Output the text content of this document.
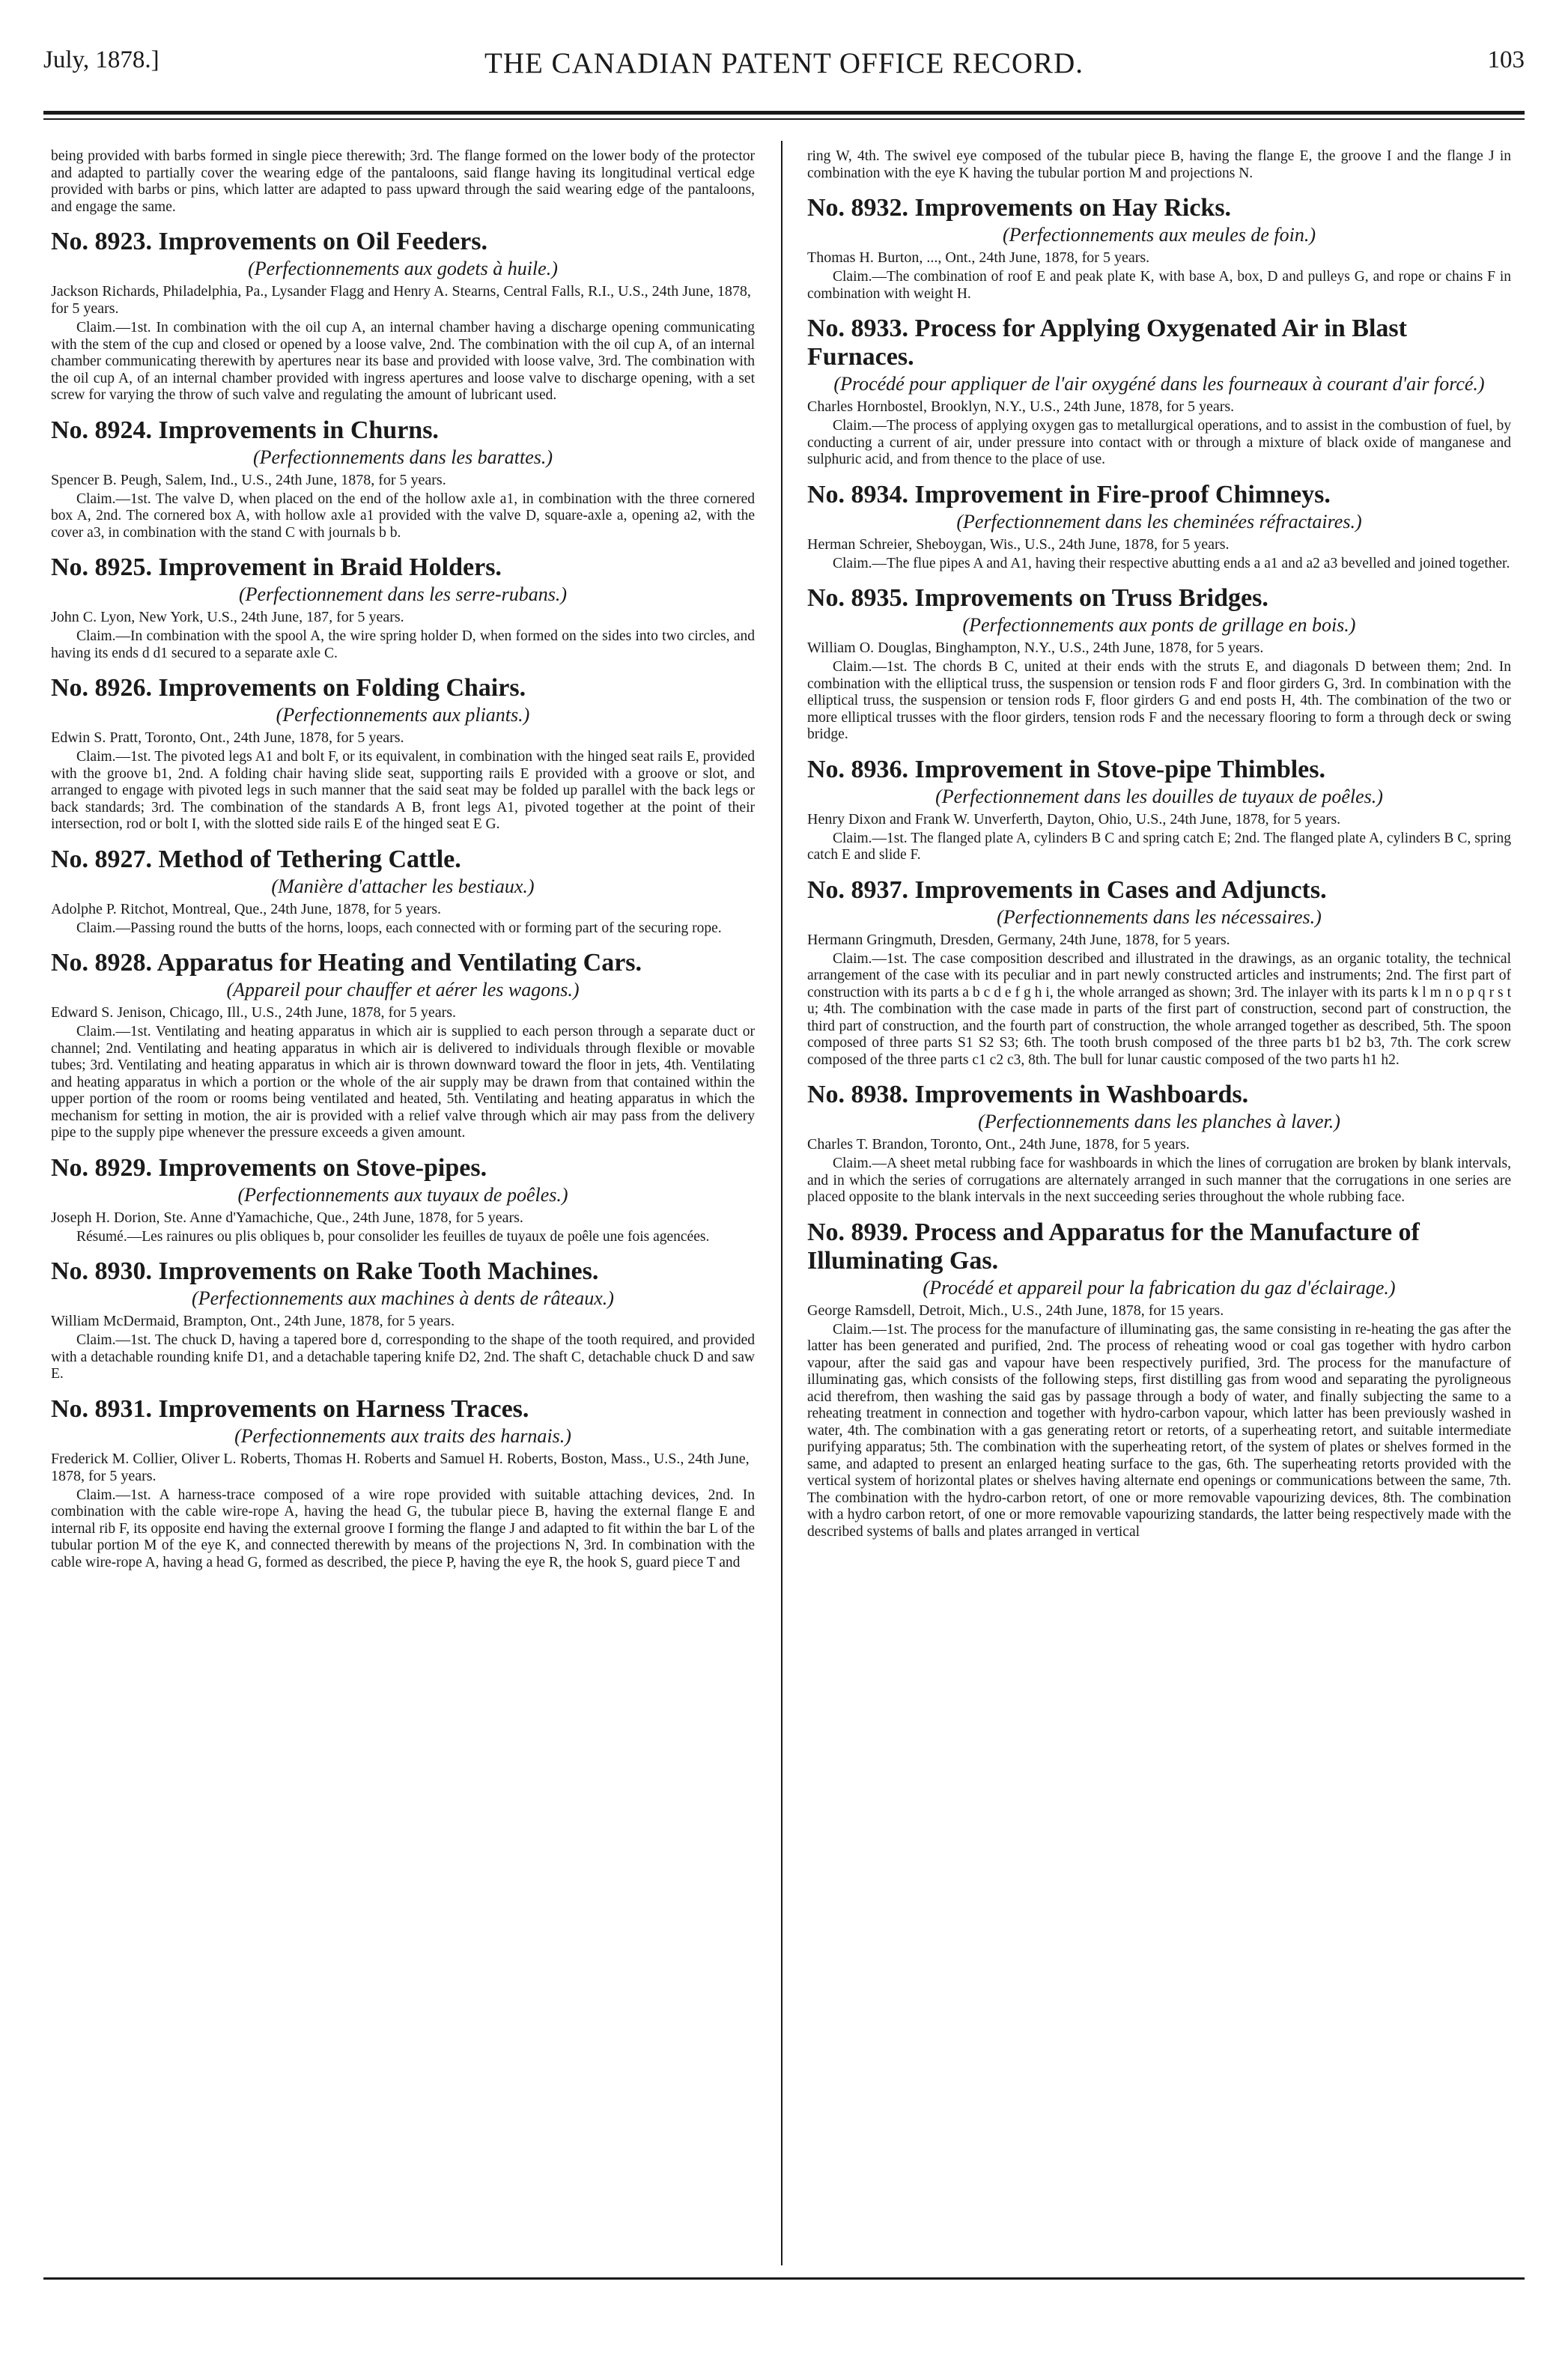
July, 1878.]	THE CANADIAN PATENT OFFICE RECORD.	103

being provided with barbs formed in single piece therewith; 3rd. The flange formed on the lower body of the protector and adapted to partially cover the wearing edge of the pantaloons, said flange having its longitudinal vertical edge provided with barbs or pins, which latter are adapted to pass upward through the said wearing edge of the pantaloons, and engage the same.

No. 8923. Improvements on Oil Feeders.

(Perfectionnements aux godets à huile.)

Jackson Richards, Philadelphia, Pa., Lysander Flagg and Henry A. Stearns, Central Falls, R.I., U.S., 24th June, 1878, for 5 years.

Claim.—1st. In combination with the oil cup A, an internal chamber having a discharge opening communicating with the stem of the cup and closed or opened by a loose valve, 2nd. The combination with the oil cup A, of an internal chamber communicating therewith by apertures near its base and provided with loose valve, 3rd. The combination with the oil cup A, of an internal chamber provided with ingress apertures and loose valve to discharge opening, with a set screw for varying the throw of such valve and regulating the amount of lubricant used.

No. 8924. Improvements in Churns.

(Perfectionnements dans les barattes.)

Spencer B. Peugh, Salem, Ind., U.S., 24th June, 1878, for 5 years.

Claim.—1st. The valve D, when placed on the end of the hollow axle a1, in combination with the three cornered box A, 2nd. The cornered box A, with hollow axle a1 provided with the valve D, square-axle a, opening a2, with the cover a3, in combination with the stand C with journals b b.

No. 8925. Improvement in Braid Holders.

(Perfectionnement dans les serre-rubans.)

John C. Lyon, New York, U.S., 24th June, 187, for 5 years.

Claim.—In combination with the spool A, the wire spring holder D, when formed on the sides into two circles, and having its ends d d1 secured to a separate axle C.

No. 8926. Improvements on Folding Chairs.

(Perfectionnements aux pliants.)

Edwin S. Pratt, Toronto, Ont., 24th June, 1878, for 5 years.

Claim.—1st. The pivoted legs A1 and bolt F, or its equivalent, in combination with the hinged seat rails E, provided with the groove b1, 2nd. A folding chair having slide seat, supporting rails E provided with a groove or slot, and arranged to engage with pivoted legs in such manner that the said seat may be folded up parallel with the back legs or back standards; 3rd. The combination of the standards A B, front legs A1, pivoted together at the point of their intersection, rod or bolt I, with the slotted side rails E of the hinged seat E G.

No. 8927. Method of Tethering Cattle.

(Manière d'attacher les bestiaux.)

Adolphe P. Ritchot, Montreal, Que., 24th June, 1878, for 5 years.

Claim.—Passing round the butts of the horns, loops, each connected with or forming part of the securing rope.

No. 8928. Apparatus for Heating and Ventilating Cars.

(Appareil pour chauffer et aérer les wagons.)

Edward S. Jenison, Chicago, Ill., U.S., 24th June, 1878, for 5 years.

Claim.—1st. Ventilating and heating apparatus in which air is supplied to each person through a separate duct or channel; 2nd. Ventilating and heating apparatus in which air is delivered to individuals through flexible or movable tubes; 3rd. Ventilating and heating apparatus in which air is thrown downward toward the floor in jets, 4th. Ventilating and heating apparatus in which a portion or the whole of the air supply may be drawn from that contained within the upper portion of the room or rooms being ventilated and heated, 5th. Ventilating and heating apparatus in which the mechanism for setting in motion, the air is provided with a relief valve through which air may pass from the delivery pipe to the supply pipe whenever the pressure exceeds a given amount.

No. 8929. Improvements on Stove-pipes.

(Perfectionnements aux tuyaux de poêles.)

Joseph H. Dorion, Ste. Anne d'Yamachiche, Que., 24th June, 1878, for 5 years.

Résumé.—Les rainures ou plis obliques b, pour consolider les feuilles de tuyaux de poêle une fois agencées.

No. 8930. Improvements on Rake Tooth Machines.

(Perfectionnements aux machines à dents de râteaux.)

William McDermaid, Brampton, Ont., 24th June, 1878, for 5 years.

Claim.—1st. The chuck D, having a tapered bore d, corresponding to the shape of the tooth required, and provided with a detachable rounding knife D1, and a detachable tapering knife D2, 2nd. The shaft C, detachable chuck D and saw E.

No. 8931. Improvements on Harness Traces.

(Perfectionnements aux traits des harnais.)

Frederick M. Collier, Oliver L. Roberts, Thomas H. Roberts and Samuel H. Roberts, Boston, Mass., U.S., 24th June, 1878, for 5 years.

Claim.—1st. A harness-trace composed of a wire rope provided with suitable attaching devices, 2nd. In combination with the cable wire-rope A, having the head G, the tubular piece B, having the external flange E and internal rib F, its opposite end having the external groove I forming the flange J and adapted to fit within the bar L of the tubular portion M of the eye K, and connected therewith by means of the projections N, 3rd. In combination with the cable wire-rope A, having a head G, formed as described, the piece P, having the eye R, the hook S, guard piece T and

ring W, 4th. The swivel eye composed of the tubular piece B, having the flange E, the groove I and the flange J in combination with the eye K having the tubular portion M and projections N.

No. 8932. Improvements on Hay Ricks.

(Perfectionnements aux meules de foin.)

Thomas H. Burton, ..., Ont., 24th June, 1878, for 5 years.

Claim.—The combination of roof E and peak plate K, with base A, box, D and pulleys G, and rope or chains F in combination with weight H.

No. 8933. Process for Applying Oxygenated Air in Blast Furnaces.

(Procédé pour appliquer de l'air oxygéné dans les fourneaux à courant d'air forcé.)

Charles Hornbostel, Brooklyn, N.Y., U.S., 24th June, 1878, for 5 years.

Claim.—The process of applying oxygen gas to metallurgical operations, and to assist in the combustion of fuel, by conducting a current of air, under pressure into contact with or through a mixture of black oxide of manganese and sulphuric acid, and from thence to the place of use.

No. 8934. Improvement in Fire-proof Chimneys.

(Perfectionnement dans les cheminées réfractaires.)

Herman Schreier, Sheboygan, Wis., U.S., 24th June, 1878, for 5 years.

Claim.—The flue pipes A and A1, having their respective abutting ends a a1 and a2 a3 bevelled and joined together.

No. 8935. Improvements on Truss Bridges.

(Perfectionnements aux ponts de grillage en bois.)

William O. Douglas, Binghampton, N.Y., U.S., 24th June, 1878, for 5 years.

Claim.—1st. The chords B C, united at their ends with the struts E, and diagonals D between them; 2nd. In combination with the elliptical truss, the suspension or tension rods F and floor girders G, 3rd. In combination with the elliptical truss, the suspension or tension rods F, floor girders G and end posts H, 4th. The combination of the two or more elliptical trusses with the floor girders, tension rods F and the necessary flooring to form a through deck or swing bridge.

No. 8936. Improvement in Stove-pipe Thimbles.

(Perfectionnement dans les douilles de tuyaux de poêles.)

Henry Dixon and Frank W. Unverferth, Dayton, Ohio, U.S., 24th June, 1878, for 5 years.

Claim.—1st. The flanged plate A, cylinders B C and spring catch E; 2nd. The flanged plate A, cylinders B C, spring catch E and slide F.

No. 8937. Improvements in Cases and Adjuncts.

(Perfectionnements dans les nécessaires.)

Hermann Gringmuth, Dresden, Germany, 24th June, 1878, for 5 years.

Claim.—1st. The case composition described and illustrated in the drawings, as an organic totality, the technical arrangement of the case with its peculiar and in part newly constructed articles and instruments; 2nd. The first part of construction with its parts a b c d e f g h i, the whole arranged as shown; 3rd. The inlayer with its parts k l m n o p q r s t u; 4th. The combination with the case made in parts of the first part of construction, second part of construction, the third part of construction, and the fourth part of construction, the whole arranged together as described, 5th. The spoon composed of three parts S1 S2 S3; 6th. The tooth brush composed of the three parts b1 b2 b3, 7th. The cork screw composed of the three parts c1 c2 c3, 8th. The bull for lunar caustic composed of the two parts h1 h2.

No. 8938. Improvements in Washboards.

(Perfectionnements dans les planches à laver.)

Charles T. Brandon, Toronto, Ont., 24th June, 1878, for 5 years.

Claim.—A sheet metal rubbing face for washboards in which the lines of corrugation are broken by blank intervals, and in which the series of corrugations are alternately arranged in such manner that the corrugations in one series are placed opposite to the blank intervals in the next succeeding series throughout the whole rubbing face.

No. 8939. Process and Apparatus for the Manufacture of Illuminating Gas.

(Procédé et appareil pour la fabrication du gaz d'éclairage.)

George Ramsdell, Detroit, Mich., U.S., 24th June, 1878, for 15 years.

Claim.—1st. The process for the manufacture of illuminating gas, the same consisting in re-heating the gas after the latter has been generated and purified, 2nd. The process of reheating wood or coal gas together with hydro carbon vapour, after the said gas and vapour have been respectively purified, 3rd. The process for the manufacture of illuminating gas, which consists of the following steps, first distilling gas from wood and separating the pyroligneous acid therefrom, then washing the said gas by passage through a body of water, and finally subjecting the same to a reheating treatment in connection and together with hydro-carbon vapour, which latter has been previously washed in water, 4th. The combination with a gas generating retort or retorts, of a superheating retort, and suitable intermediate purifying apparatus; 5th. The combination with the superheating retort, of the system of plates or shelves formed in the same, and adapted to present an enlarged heating surface to the gas, 6th. The superheating retorts provided with the vertical system of horizontal plates or shelves having alternate end openings or communications between the same, 7th. The combination with the hydro-carbon retort, of one or more removable vapourizing devices, 8th. The combination with a hydro carbon retort, of one or more removable vapourizing standards, the latter being respectively made with the described systems of balls and plates arranged in vertical
